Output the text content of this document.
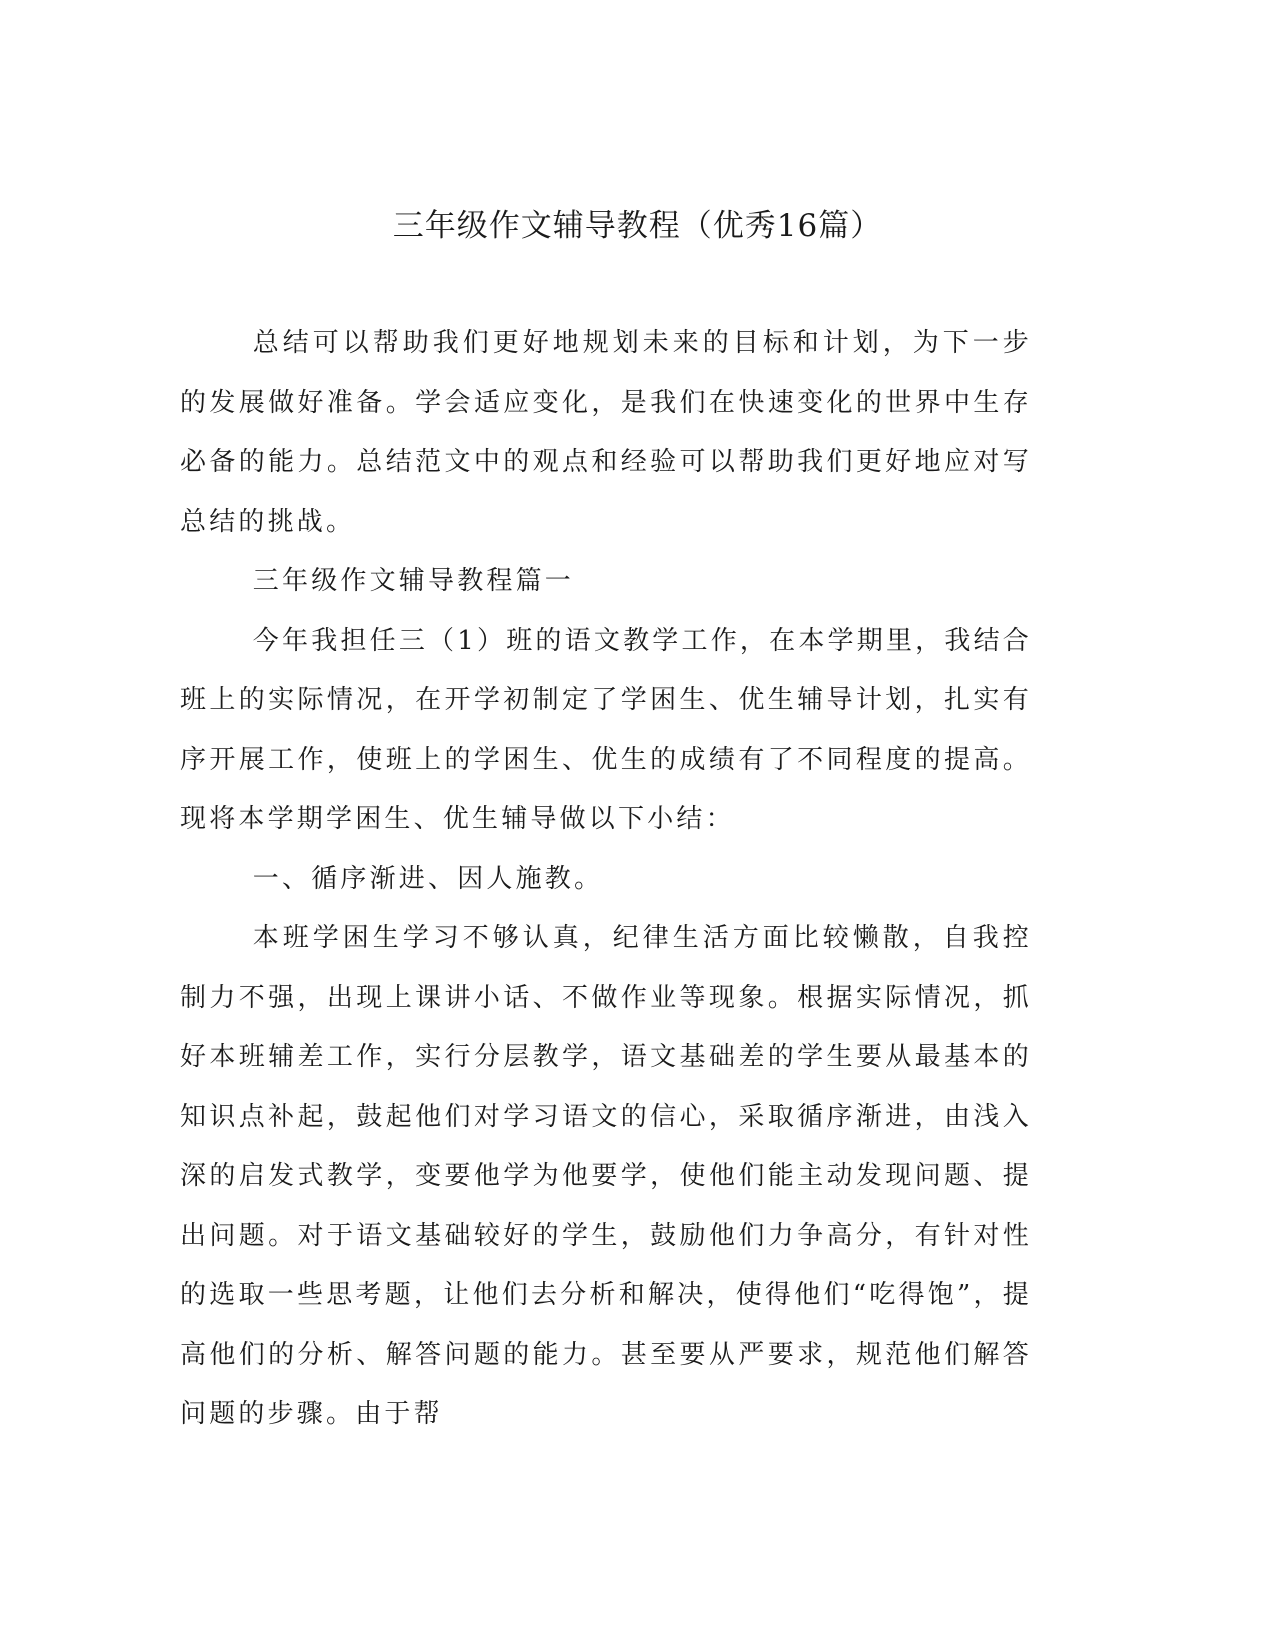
三年级作文辅导教程（优秀16篇）

总结可以帮助我们更好地规划未来的目标和计划，为下一步的发展做好准备。学会适应变化，是我们在快速变化的世界中生存必备的能力。总结范文中的观点和经验可以帮助我们更好地应对写总结的挑战。

三年级作文辅导教程篇一

今年我担任三（1）班的语文教学工作，在本学期里，我结合班上的实际情况，在开学初制定了学困生、优生辅导计划，扎实有序开展工作，使班上的学困生、优生的成绩有了不同程度的提高。现将本学期学困生、优生辅导做以下小结：

一、循序渐进、因人施教。

本班学困生学习不够认真，纪律生活方面比较懒散，自我控制力不强，出现上课讲小话、不做作业等现象。根据实际情况，抓好本班辅差工作，实行分层教学，语文基础差的学生要从最基本的知识点补起，鼓起他们对学习语文的信心，采取循序渐进，由浅入深的启发式教学，变要他学为他要学，使他们能主动发现问题、提出问题。对于语文基础较好的学生，鼓励他们力争高分，有针对性的选取一些思考题，让他们去分析和解决，使得他们“吃得饱”，提高他们的分析、解答问题的能力。甚至要从严要求，规范他们解答问题的步骤。由于帮
